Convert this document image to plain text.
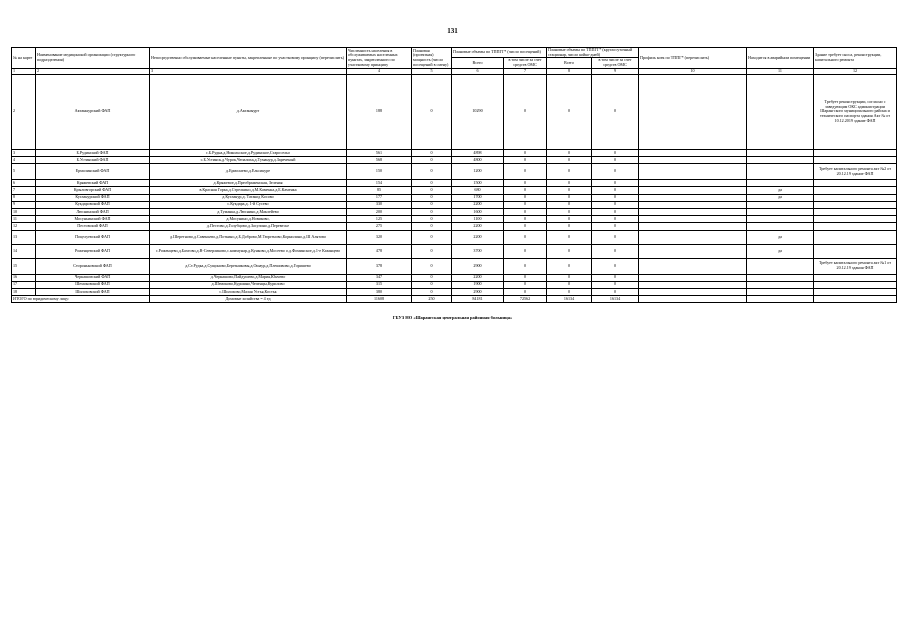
131
№ на карте	Наименование медицинской организации (структурного подразделения)	Непосредственно обслуживаемые населенные пункты, закрепленные по участковому принципу (перечислить)	Численность населения в обслуживаемых населенных пунктах, закрепленного по участковому принципу	Плановая (проектная) мощность (число посещений в смену)	Плановые объемы по ТППГГ* (число посещений)		Плановые объемы по ТППГГ* (круглосуточный стационар, число койко-дней)		Профиль коек по ТППГ* (перечислить)	Находится в аварийном помещении	Здание требует сноса, реконструкции, капитального ремонта
					Всего	в том числе за счет средств ОМС	Всего	в том числе за счет средств ОМС			
1	2	3	4	5	6	7	8	9	10	11	12
2	Актаныурский ФАП	д.Актаныурт	188	0	10290	0	0	0			Требует реконструкции, согласно с заведующим ОКС администрации Шарангского муниципального района и технического паспорта здания Акт № от 10.12.2019 здание ФАП
3	Б.Рудинский ФАП	с.Б.Рудна,д.Никольское,д.Рудинское,Старосельо	561	0	4898	0	0	0			
4	Б.Устинский ФАП	с.Б.Устинск,д.Чурок,Чепалиха,д.Туманур,д.Зареченый	568	0	4800	0	0	0			
5	Ермолинский ФАП	д.Ермолаево,д.Ельсикуре	150	0	1200	0	0	0			Требует капитального ремонта акт №2 от 20.12.19 здание ФАП
6	Кряжевский ФАП	д.Кряжевое,д.Преображенская, Зеленая	154	0	1500	0	0	0			
7	Крыловгорский ФАП	в.Красная Горка,д.Стрелкино,д.М.Каменка,д.Б.Каменка	85	0	680	0	0	0		да	
8	Кугланурский ФАП	д.Кугланур,д. Татакод Косово	177	0	1700	0	0	0		да	
9	Кукдаровский ФАП	с.Кукдара,д. 1-й Сусево	330	0	2200	0	0	0			
10	Люснинский ФАП	д.Туманка,д.Люснино,д.Маклейево	200	0	1600	0	0	0			
11	Мосуньинский ФАП	д.Мосунино,д.Новиково,	125	0	1100	0	0	0			
12	Пестовский ФАП	д.Пестово,д.Голубцово,д.Засулино,д.Перевесье	275	0	2200	0	0	0			
13	Поцелуевский ФАП	д.Шеретново,д.Савеньево,д.Поткино,д.Б.Доброво,М.Тюргеново,Корнилино,д.Ш Алятово	320	0	2200	0	0	0		да	
14	Роженцевский ФАП	с.Роженцево,д.Бахтово,д.В-Северликово,с.коммунар,д.Кунково,д.Мосеево о.д.Фоминское,д.1-е Казанцево	478	0	3700	0	0	0		да	
15	Стороньковский ФАП	д.Ст.Рудка,д.Сущиново,Березниковы,д.Ошаур,д.Плешивово,д.Горишево	378	0	2900	0	0	0			Требует капитального ремонта акт №1 от 20.12.19 здания ФАП
16	Черкашовский ФАП	д.Черкашово,Пайдушево,д.Мария,Юнчево	347	0	2200	0	0	0			
17	Шемоковский ФАП	д.Шемоково,Куршино,Чепенцы,Курилово	315	0	1900	0	0	0			
18	Шилоховский ФАП	с.Шилохово,Малая Устья,Костьк	380	0	2900	0	0	0			
ИТОГО по юридическому лицу:		Домовые хозяйства = 4 ед	11608	250	84181	72562	16134	16134			
ГБУЗ НО «Шарангская центральная районная больница»
